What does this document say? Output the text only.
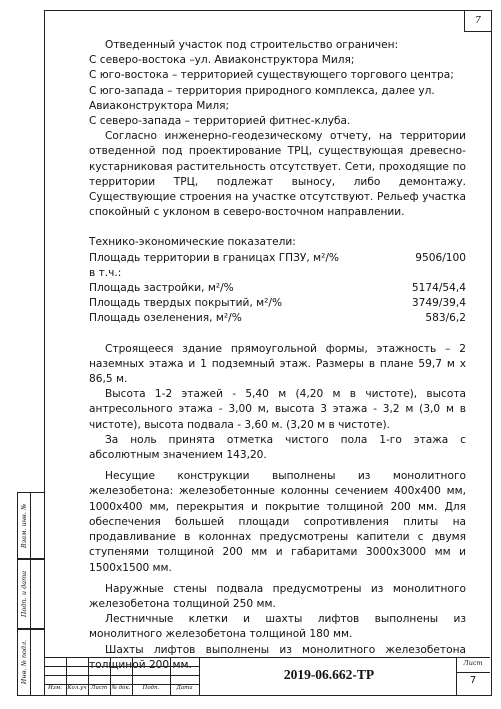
7

Отведенный участок под строительство ограничен:

С северо-востока –ул. Авиаконструктора Миля;

С юго-востока – территорией существующего торгового центра;

С юго-запада – территория природного комплекса, далее ул.

Авиаконструктора Миля;

С северо-запада – территорией фитнес-клуба.

Согласно инженерно-геодезическому отчету, на территории отведенной под проектирование ТРЦ, существующая древесно-кустарниковая растительность отсутствует. Сети, проходящие по территории ТРЦ, подлежат выносу, либо демонтажу. Существующие строения на участке отсутствуют. Рельеф участка спокойный с уклоном в северо-восточном направлении.

Технико-экономические показатели:

Площадь территории в границах ГПЗУ, м²/%	9506/100
в т.ч.:
Площадь застройки, м²/%	5174/54,4
Площадь твердых покрытий, м²/%	3749/39,4
Площадь озеленения, м²/%	583/6,2

Строящееся здание прямоугольной формы, этажность – 2 наземных этажа и 1 подземный этаж. Размеры в плане 59,7 м х 86,5 м.

Высота 1-2 этажей - 5,40 м (4,20 м в чистоте), высота антресольного этажа - 3,00 м, высота 3 этажа - 3,2 м (3,0 м в чистоте), высота подвала - 3,60 м. (3,20 м в чистоте).

За ноль принята отметка чистого пола 1-го этажа с абсолютным значением 143,20.

Несущие конструкции выполнены из монолитного железобетона: железобетонные колонны сечением 400х400 мм, 1000х400 мм, перекрытия и покрытие толщиной 200 мм. Для обеспечения большей площади сопротивления плиты на продавливание в колоннах предусмотрены капители с двумя ступенями толщиной 200 мм и габаритами 3000х3000 мм и 1500х1500 мм.

Наружные стены подвала предусмотрены из монолитного железобетона толщиной 250 мм.

Лестничные клетки и шахты лифтов выполнены из монолитного железобетона толщиной 180 мм.

Шахты лифтов выполнены из монолитного железобетона толщиной 200 мм.

Взам. инв. №
Подп. и дата
Инв. № подл.
Изм. Кол.уч Лист № док.	Подп.	Дата
2019-06.662-ТР
Лист
7
